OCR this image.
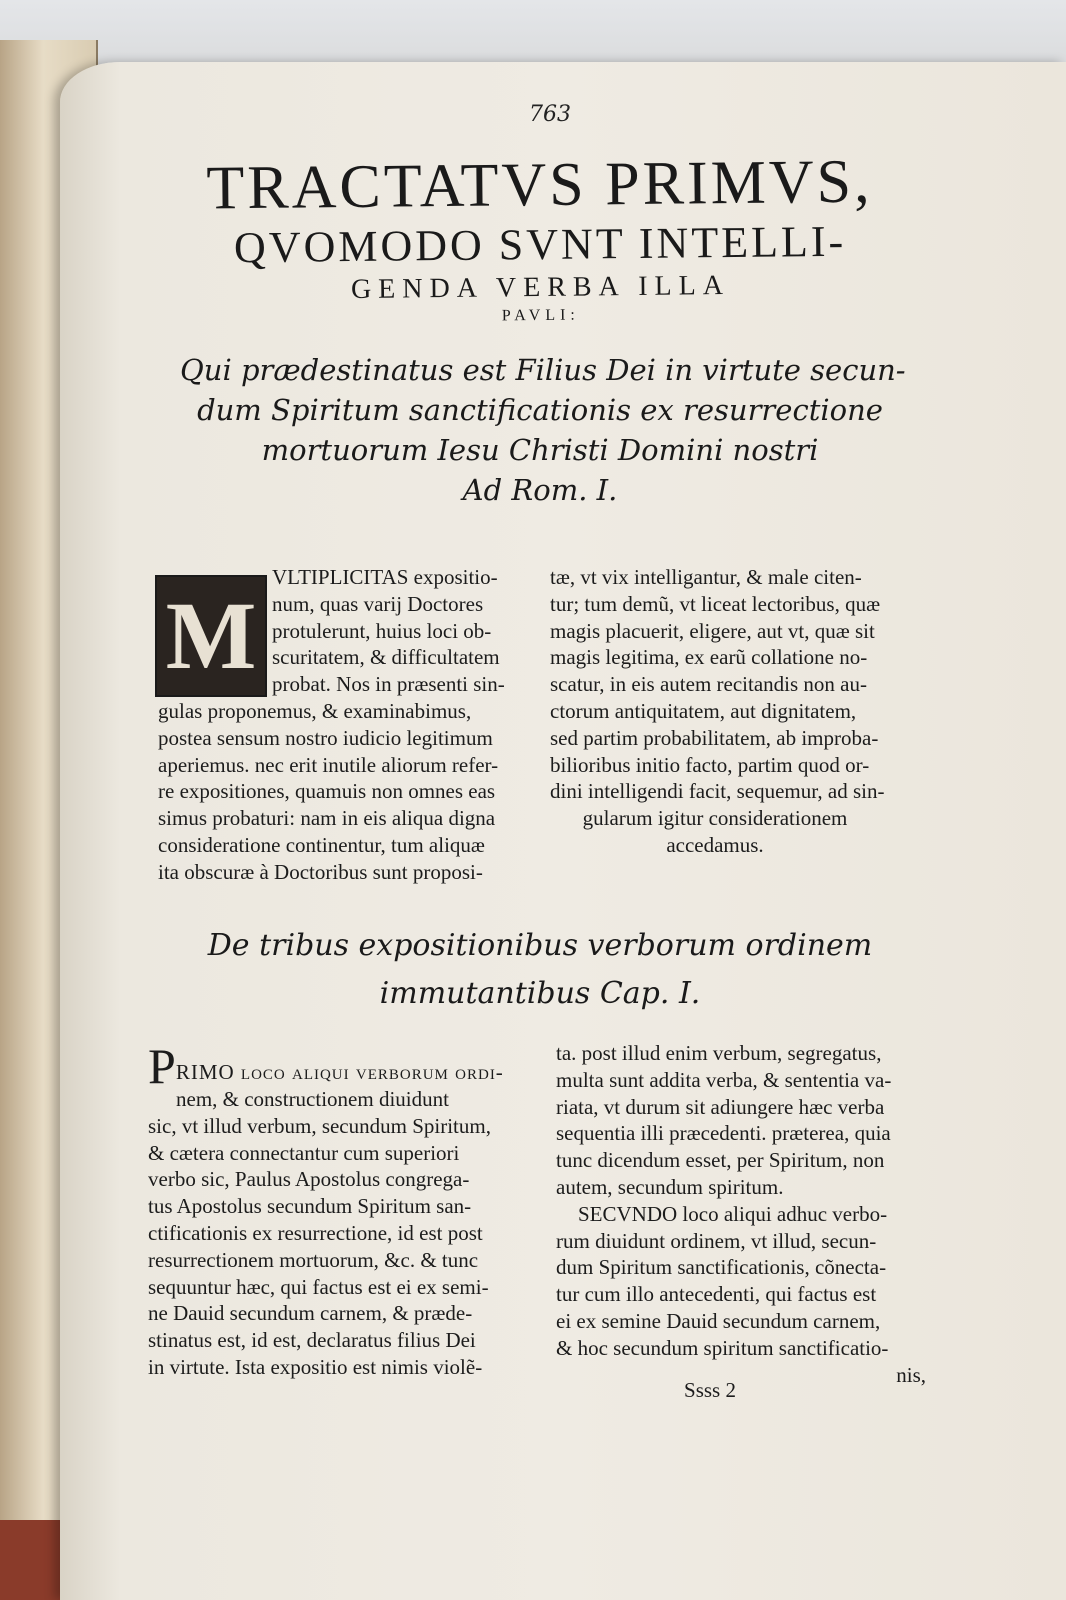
763
TRACTATVS PRIMVS,
QVOMODO SVNT INTELLI-
GENDA VERBA ILLA
PAVLI:
Qui prædestinatus est Filius Dei in virtute secun-
dum Spiritum sanctificationis ex resurrectione
mortuorum Iesu Christi Domini nostri
Ad Rom. I.
M
VLTIPLICITAS expositio-
num, quas varij Doctores
protulerunt, huius loci ob-
scuritatem, & difficultatem
probat. Nos in præsenti sin-
gulas proponemus, & examinabimus,
postea sensum nostro iudicio legitimum
aperiemus. nec erit inutile aliorum refer-
re expositiones, quamuis non omnes eas
simus probaturi: nam in eis aliqua digna
consideratione continentur, tum aliquæ
ita obscuræ à Doctoribus sunt proposi-
tæ, vt vix intelligantur, & male citen-
tur; tum demũ, vt liceat lectoribus, quæ
magis placuerit, eligere, aut vt, quæ sit
magis legitima, ex earũ collatione no-
scatur, in eis autem recitandis non au-
ctorum antiquitatem, aut dignitatem,
sed partim probabilitatem, ab improba-
bilioribus initio facto, partim quod or-
dini intelligendi facit, sequemur, ad sin-
gularum igitur considerationem
accedamus.
De tribus expositionibus verborum ordinem
immutantibus Cap. I.
PRIMO loco aliqui verborum ordi-
nem, & constructionem diuidunt
sic, vt illud verbum, secundum Spiritum,
& cætera connectantur cum superiori
verbo sic, Paulus Apostolus congrega-
tus Apostolus secundum Spiritum san-
ctificationis ex resurrectione, id est post
resurrectionem mortuorum, &c. & tunc
sequuntur hæc, qui factus est ei ex semi-
ne Dauid secundum carnem, & præde-
stinatus est, id est, declaratus filius Dei
in virtute. Ista expositio est nimis violẽ-
ta. post illud enim verbum, segregatus,
multa sunt addita verba, & sententia va-
riata, vt durum sit adiungere hæc verba
sequentia illi præcedenti. præterea, quia
tunc dicendum esset, per Spiritum, non
autem, secundum spiritum.
SECVNDO loco aliqui adhuc verbo-
rum diuidunt ordinem, vt illud, secun-
dum Spiritum sanctificationis, cõnecta-
tur cum illo antecedenti, qui factus est
ei ex semine Dauid secundum carnem,
& hoc secundum spiritum sanctificatio-
nis,
Ssss 2
